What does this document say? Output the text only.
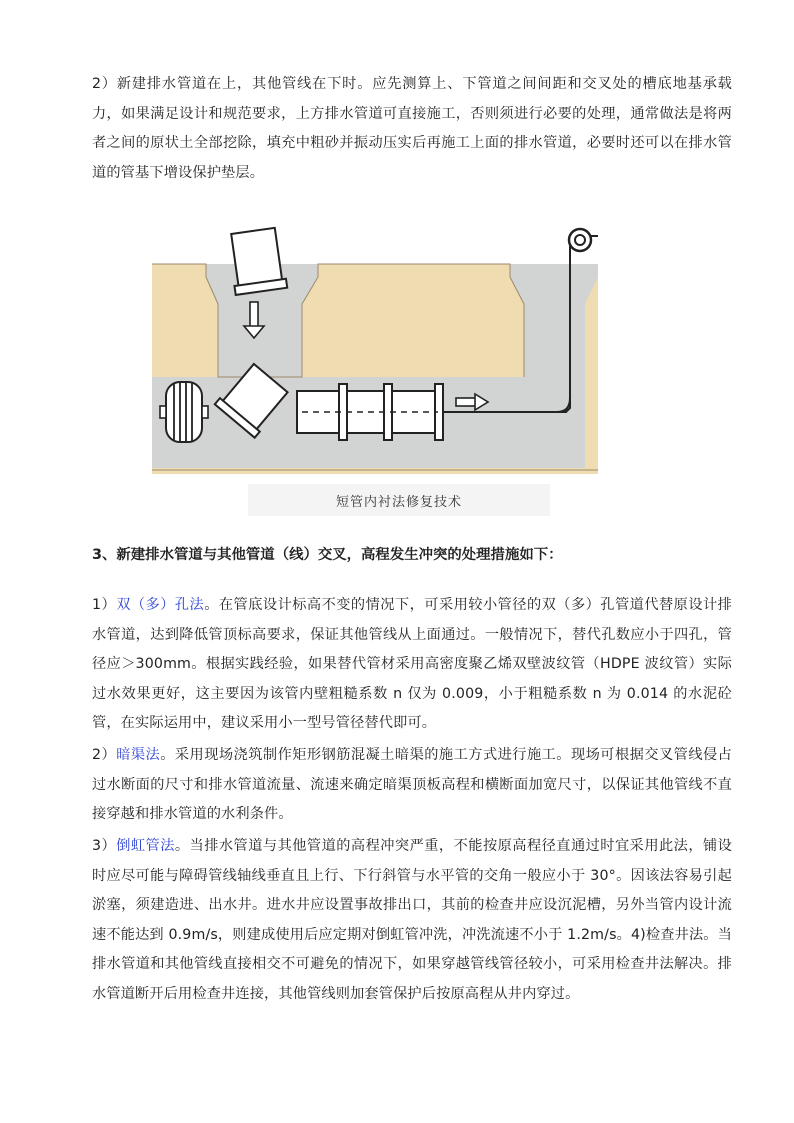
2）新建排水管道在上，其他管线在下时。应先测算上、下管道之间间距和交叉处的槽底地基承载力，如果满足设计和规范要求，上方排水管道可直接施工，否则须进行必要的处理，通常做法是将两者之间的原状土全部挖除，填充中粗砂并振动压实后再施工上面的排水管道，必要时还可以在排水管道的管基下增设保护垫层。

短管内衬法修复技术

3、新建排水管道与其他管道（线）交叉，高程发生冲突的处理措施如下：

1）双（多）孔法。在管底设计标高不变的情况下，可采用较小管径的双（多）孔管道代替原设计排水管道，达到降低管顶标高要求，保证其他管线从上面通过。一般情况下，替代孔数应小于四孔，管径应＞300mm。根据实践经验，如果替代管材采用高密度聚乙烯双壁波纹管（HDPE 波纹管）实际过水效果更好，这主要因为该管内壁粗糙系数 n 仅为 0.009，小于粗糙系数 n 为 0.014 的水泥砼管，在实际运用中，建议采用小一型号管径替代即可。

2）暗渠法。采用现场浇筑制作矩形钢筋混凝土暗渠的施工方式进行施工。现场可根据交叉管线侵占过水断面的尺寸和排水管道流量、流速来确定暗渠顶板高程和横断面加宽尺寸，以保证其他管线不直接穿越和排水管道的水利条件。

3）倒虹管法。当排水管道与其他管道的高程冲突严重，不能按原高程径直通过时宜采用此法，铺设时应尽可能与障碍管线轴线垂直且上行、下行斜管与水平管的交角一般应小于 30°。因该法容易引起淤塞，须建造进、出水井。进水井应设置事故排出口，其前的检查井应设沉泥槽，另外当管内设计流速不能达到 0.9m/s，则建成使用后应定期对倒虹管冲洗，冲洗流速不小于 1.2m/s。4)检查井法。当排水管道和其他管线直接相交不可避免的情况下，如果穿越管线管径较小，可采用检查井法解决。排水管道断开后用检查井连接，其他管线则加套管保护后按原高程从井内穿过。
